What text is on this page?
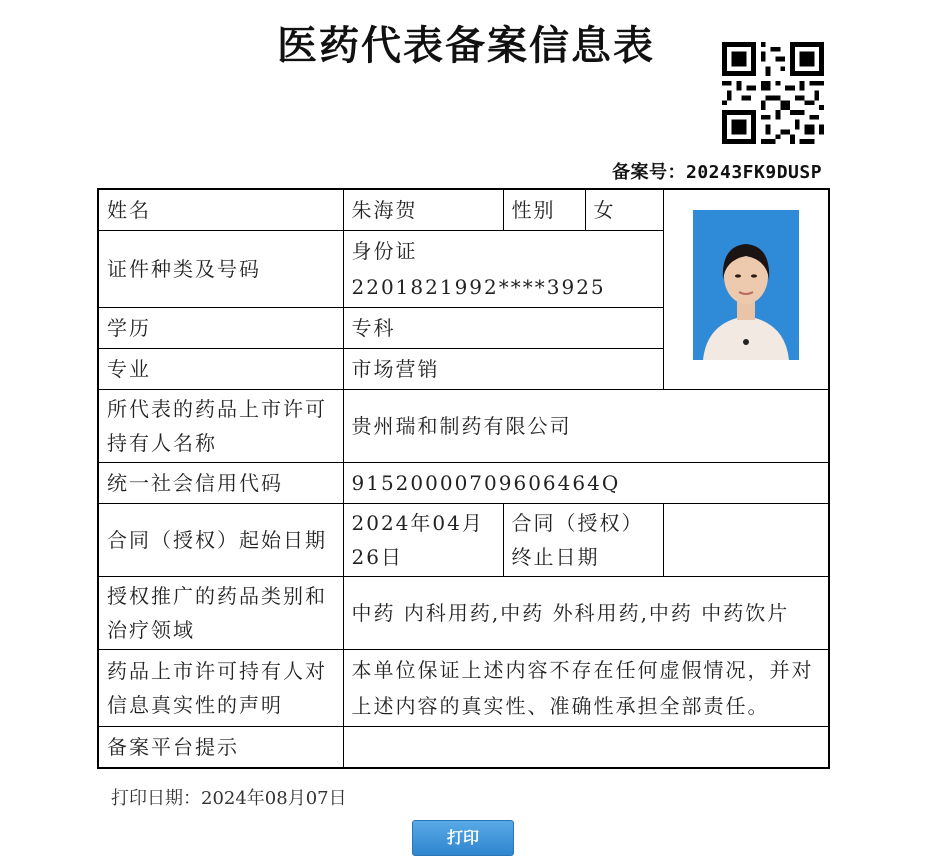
医药代表备案信息表
备案号：20243FK9DUSP
姓名	朱海贺	性别	女	
证件种类及号码	身份证 2201821992****3925			
学历	专科			
专业	市场营销			
所代表的药品上市许可持有人名称	贵州瑞和制药有限公司			
统一社会信用代码	91520000709606464Q			
合同（授权）起始日期	2024年04月26日	合同（授权）终止日期		
授权推广的药品类别和治疗领域	中药 内科用药,中药 外科用药,中药 中药饮片			
药品上市许可持有人对信息真实性的声明	本单位保证上述内容不存在任何虚假情况，并对上述内容的真实性、准确性承担全部责任。			
备案平台提示				
打印日期：2024年08月07日
打印
